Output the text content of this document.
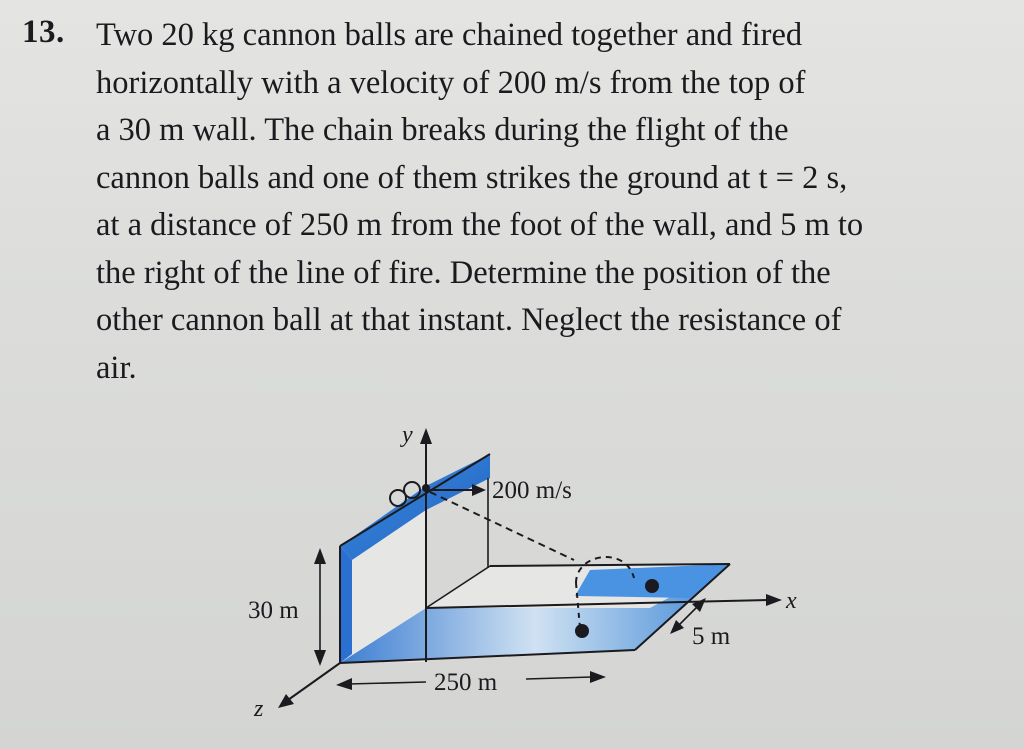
13. Two 20 kg cannon balls are chained together and fired
horizontally with a velocity of 200 m/s from the top of
a 30 m wall. The chain breaks during the flight of the
cannon balls and one of them strikes the ground at t = 2 s,
at a distance of 250 m from the foot of the wall, and 5 m to
the right of the line of fire. Determine the position of the
other cannon ball at that instant. Neglect the resistance of
air.

y
x
z
200 m/s
30 m
250 m
5 m
